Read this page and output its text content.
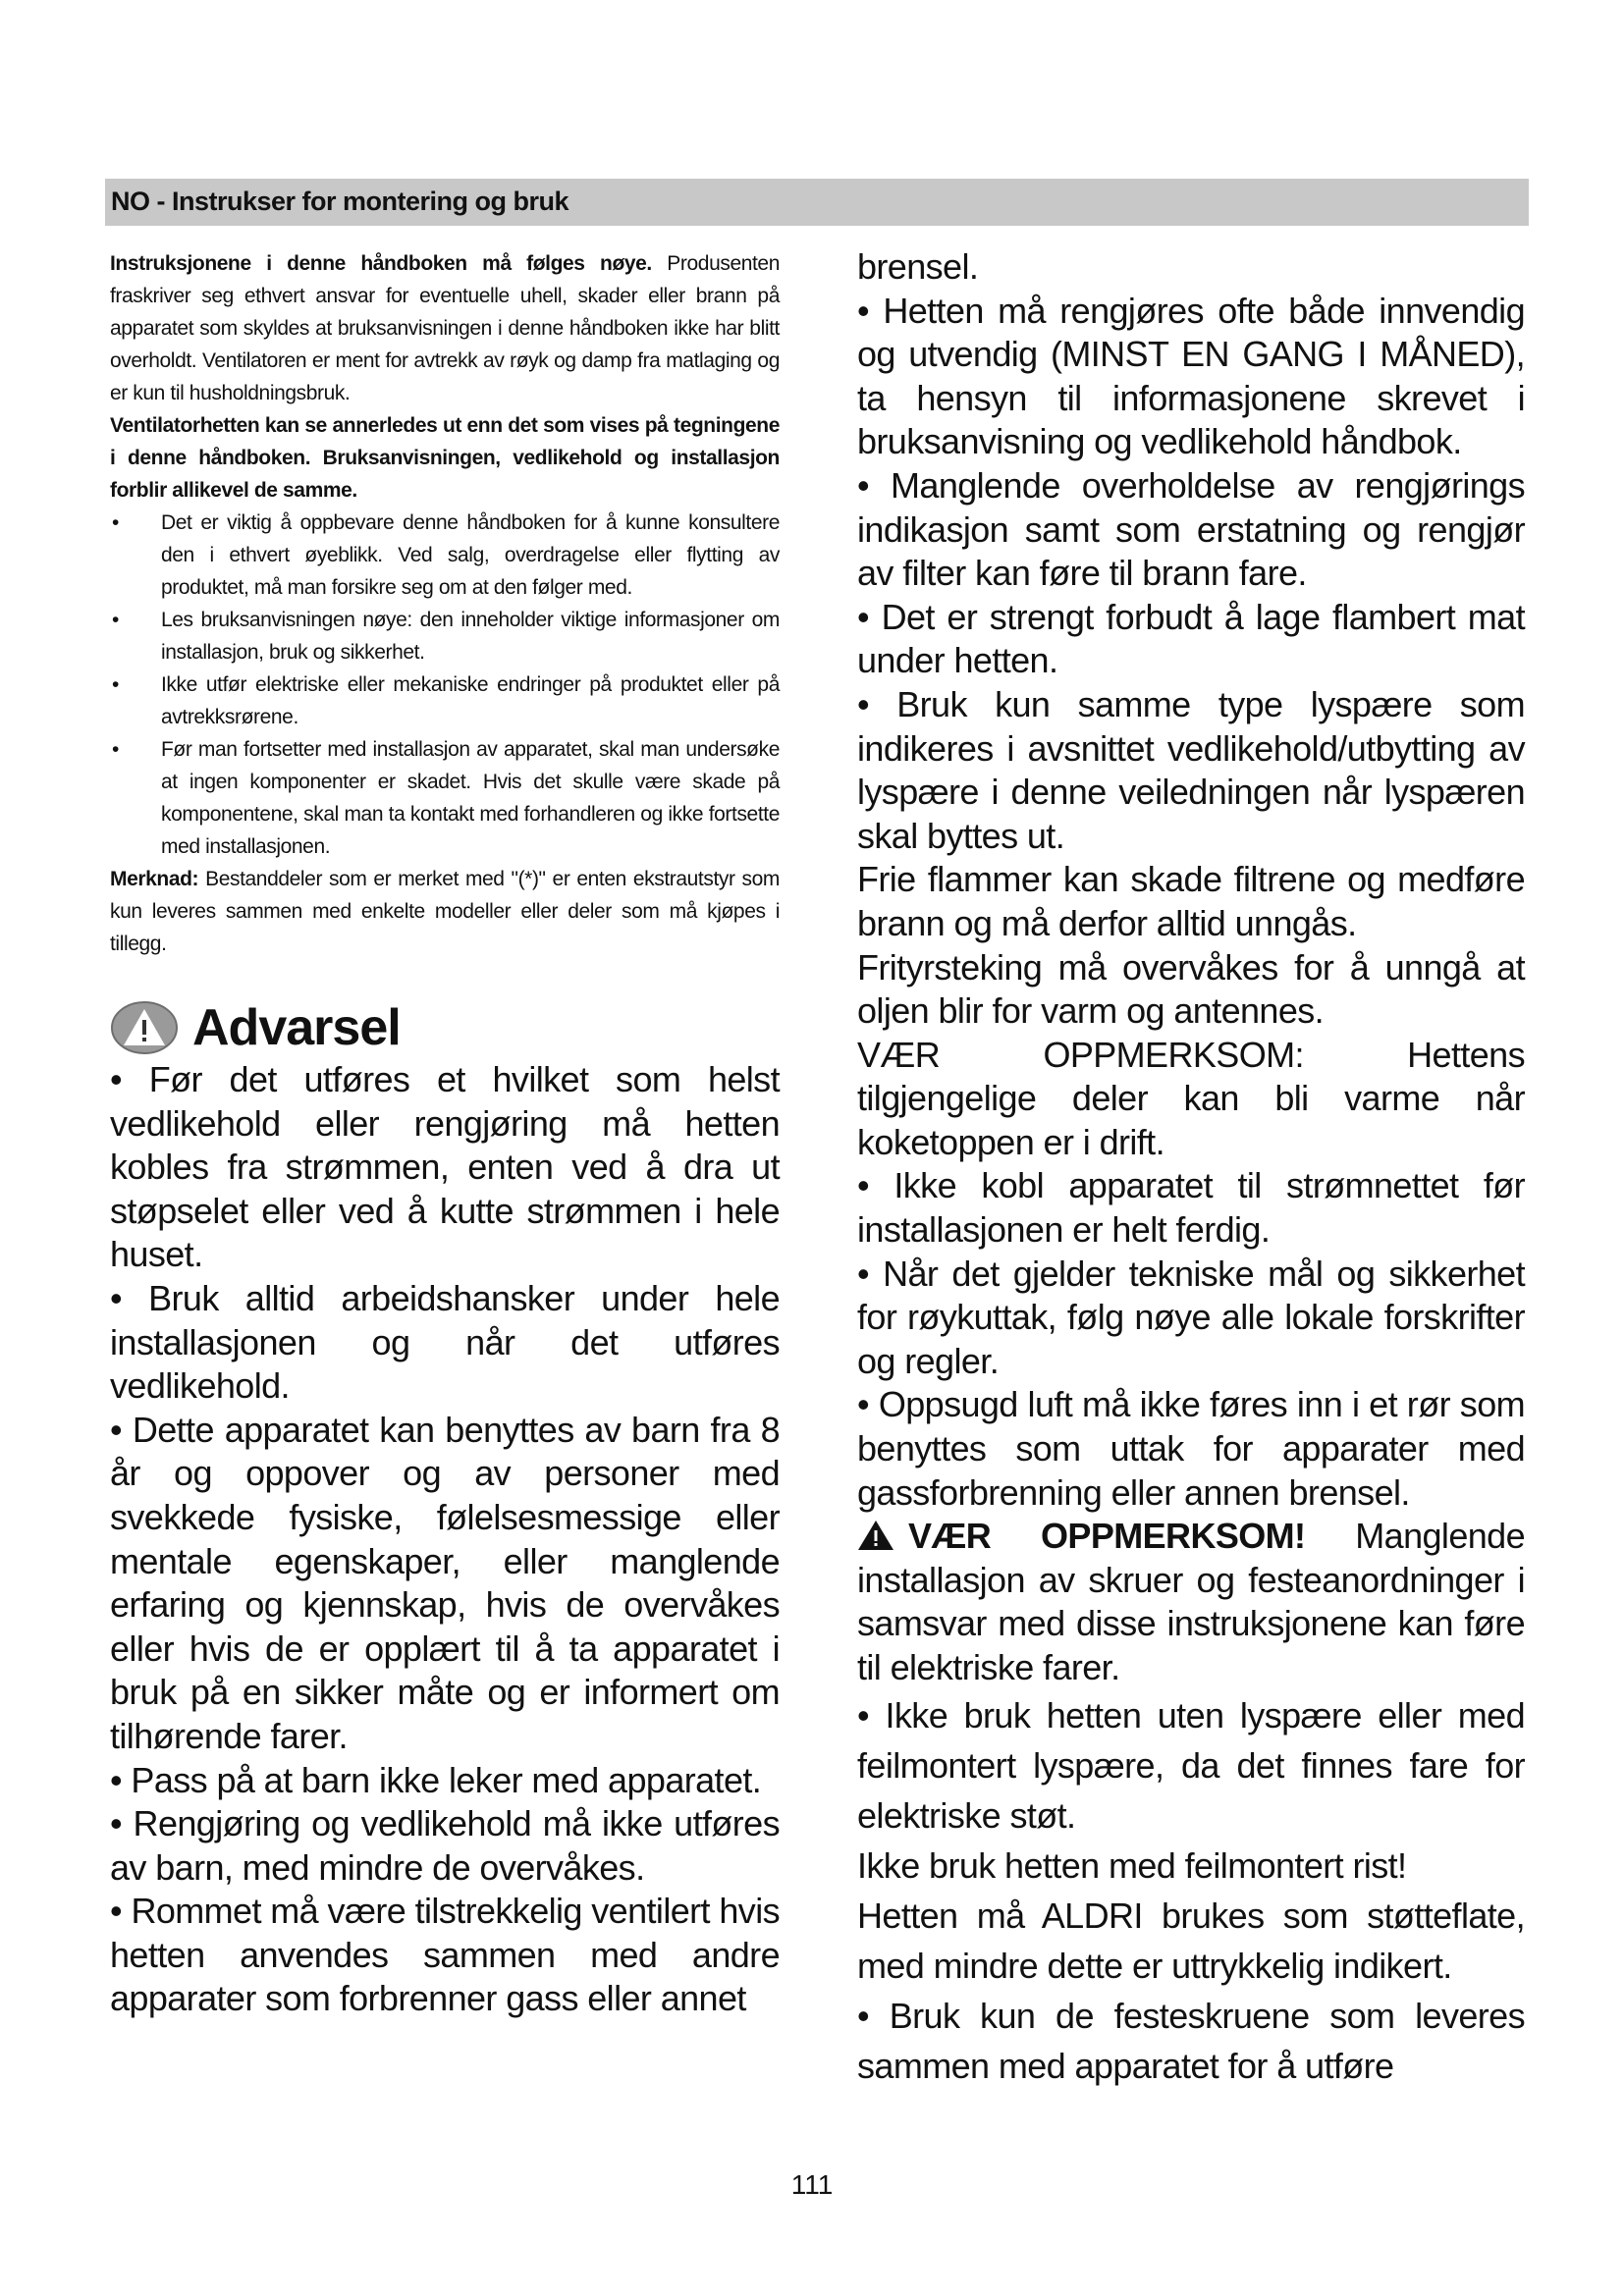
NO - Instrukser for montering og bruk

Instruksjonene i denne håndboken må følges nøye. Produsenten fraskriver seg ethvert ansvar for eventuelle uhell, skader eller brann på apparatet som skyldes at bruksanvisningen i denne håndboken ikke har blitt overholdt. Ventilatoren er ment for avtrekk av røyk og damp fra matlaging og er kun til husholdningsbruk.

Ventilatorhetten kan se annerledes ut enn det som vises på tegningene i denne håndboken. Bruksanvisningen, vedlikehold og installasjon forblir allikevel de samme.

• Det er viktig å oppbevare denne håndboken for å kunne konsultere den i ethvert øyeblikk. Ved salg, overdragelse eller flytting av produktet, må man forsikre seg om at den følger med.
• Les bruksanvisningen nøye: den inneholder viktige informasjoner om installasjon, bruk og sikkerhet.
• Ikke utfør elektriske eller mekaniske endringer på produktet eller på avtrekksrørene.
• Før man fortsetter med installasjon av apparatet, skal man undersøke at ingen komponenter er skadet. Hvis det skulle være skade på komponentene, skal man ta kontakt med forhandleren og ikke fortsette med installasjonen.

Merknad: Bestanddeler som er merket med "(*)" er enten ekstrautstyr som kun leveres sammen med enkelte modeller eller deler som må kjøpes i tillegg.

Advarsel

• Før det utføres et hvilket som helst vedlikehold eller rengjøring må hetten kobles fra strømmen, enten ved å dra ut støpselet eller ved å kutte strømmen i hele huset.

• Bruk alltid arbeidshansker under hele installasjonen og når det utføres vedlikehold.

• Dette apparatet kan benyttes av barn fra 8 år og oppover og av personer med svekkede fysiske, følelsesmessige eller mentale egenskaper, eller manglende erfaring og kjennskap, hvis de overvåkes eller hvis de er opplært til å ta apparatet i bruk på en sikker måte og er informert om tilhørende farer.

• Pass på at barn ikke leker med apparatet.

• Rengjøring og vedlikehold må ikke utføres av barn, med mindre de overvåkes.

• Rommet må være tilstrekkelig ventilert hvis hetten anvendes sammen med andre apparater som forbrenner gass eller annet

brensel.

• Hetten må rengjøres ofte både innvendig og utvendig (MINST EN GANG I MÅNED), ta hensyn til informasjonene skrevet i bruksanvisning og vedlikehold håndbok.

• Manglende overholdelse av rengjørings indikasjon samt som erstatning og rengjør av filter kan føre til brann fare.

• Det er strengt forbudt å lage flambert mat under hetten.

• Bruk kun samme type lyspære som indikeres i avsnittet vedlikehold/utbytting av lyspære i denne veiledningen når lyspæren skal byttes ut.

Frie flammer kan skade filtrene og medføre brann og må derfor alltid unngås.

Frityrsteking må overvåkes for å unngå at oljen blir for varm og antennes.

VÆR OPPMERKSOM: Hettens tilgjengelige deler kan bli varme når koketoppen er i drift.

• Ikke kobl apparatet til strømnettet før installasjonen er helt ferdig.

• Når det gjelder tekniske mål og sikkerhet for røykuttak, følg nøye alle lokale forskrifter og regler.

• Oppsugd luft må ikke føres inn i et rør som benyttes som uttak for apparater med gassforbrenning eller annen brensel.

VÆR OPPMERKSOM! Manglende installasjon av skruer og festeanordninger i samsvar med disse instruksjonene kan føre til elektriske farer.

• Ikke bruk hetten uten lyspære eller med feilmontert lyspære, da det finnes fare for elektriske støt.

Ikke bruk hetten med feilmontert rist!

Hetten må ALDRI brukes som støtteflate, med mindre dette er uttrykkelig indikert.

• Bruk kun de festeskruene som leveres sammen med apparatet for å utføre

111
